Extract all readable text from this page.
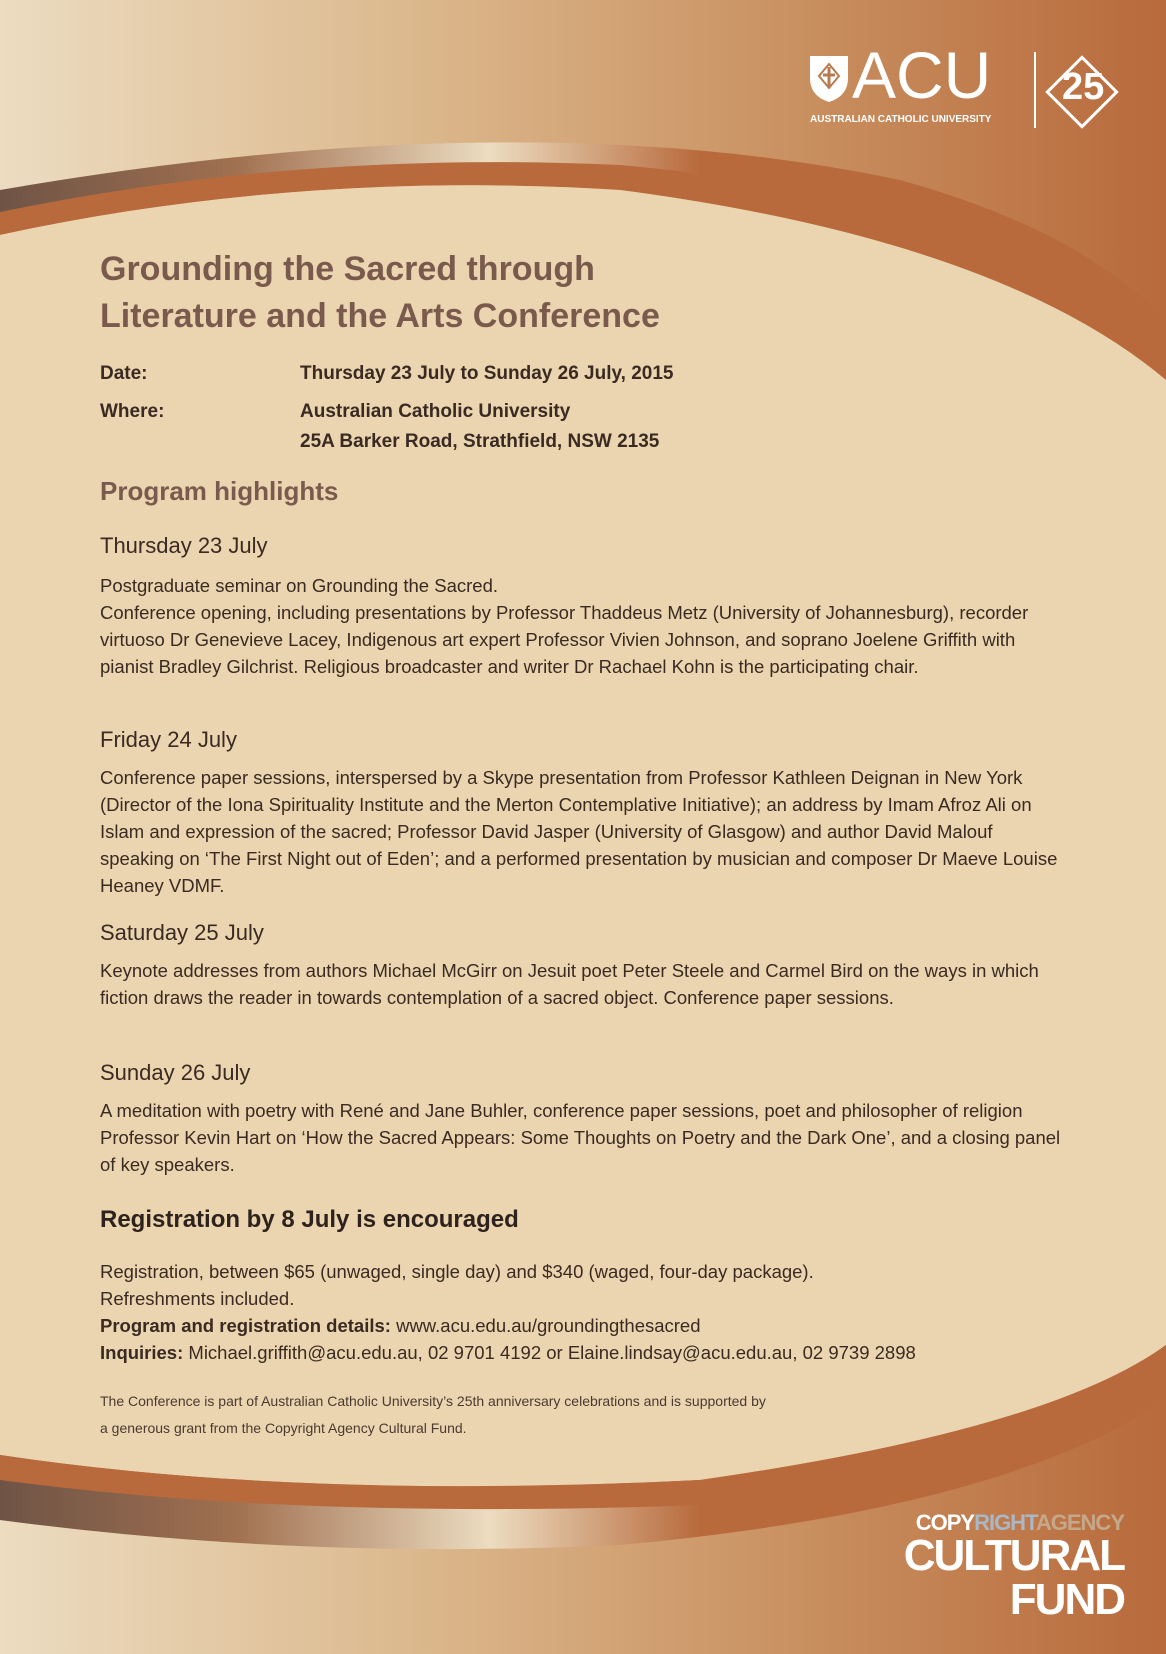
ACU
AUSTRALIAN CATHOLIC UNIVERSITY
25
Grounding the Sacred through
Literature and the Arts Conference
Date:	Thursday 23 July to Sunday 26 July, 2015
Where:	Australian Catholic University
25A Barker Road, Strathfield, NSW 2135
Program highlights
Thursday 23 July
Postgraduate seminar on Grounding the Sacred.
Conference opening, including presentations by Professor Thaddeus Metz (University of Johannesburg), recorder virtuoso Dr Genevieve Lacey, Indigenous art expert Professor Vivien Johnson, and soprano Joelene Griffith with pianist Bradley Gilchrist. Religious broadcaster and writer Dr Rachael Kohn is the participating chair.
Friday 24 July
Conference paper sessions, interspersed by a Skype presentation from Professor Kathleen Deignan in New York (Director of the Iona Spirituality Institute and the Merton Contemplative Initiative); an address by Imam Afroz Ali on Islam and expression of the sacred; Professor David Jasper (University of Glasgow) and author David Malouf speaking on ‘The First Night out of Eden’; and a performed presentation by musician and composer Dr Maeve Louise Heaney VDMF.
Saturday 25 July
Keynote addresses from authors Michael McGirr on Jesuit poet Peter Steele and Carmel Bird on the ways in which fiction draws the reader in towards contemplation of a sacred object. Conference paper sessions.
Sunday 26 July
A meditation with poetry with René and Jane Buhler, conference paper sessions, poet and philosopher of religion Professor Kevin Hart on ‘How the Sacred Appears: Some Thoughts on Poetry and the Dark One’, and a closing panel of key speakers.
Registration by 8 July is encouraged
Registration, between $65 (unwaged, single day) and $340 (waged, four-day package).
Refreshments included.
Program and registration details: www.acu.edu.au/groundingthesacred
Inquiries: Michael.griffith@acu.edu.au, 02 9701 4192 or Elaine.lindsay@acu.edu.au, 02 9739 2898
The Conference is part of Australian Catholic University’s 25th anniversary celebrations and is supported by
a generous grant from the Copyright Agency Cultural Fund.
COPYRIGHTAGENCY
CULTURAL
FUND
